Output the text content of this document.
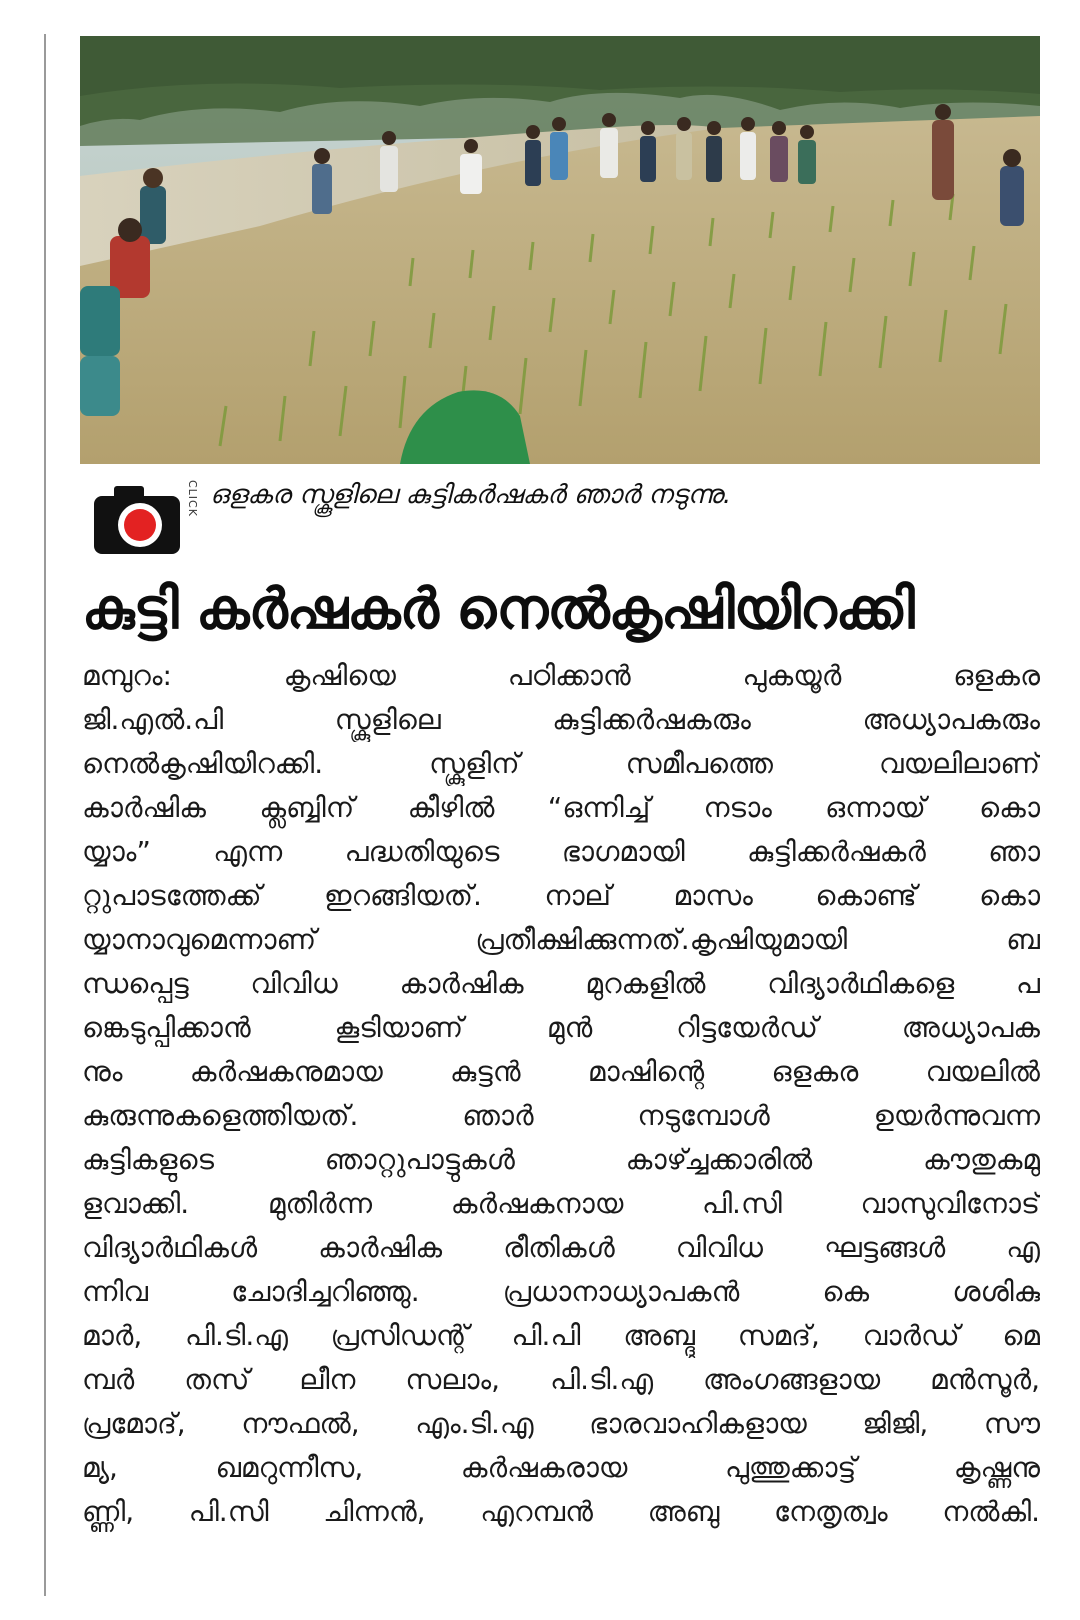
CLICK ഒളകര സ്കൂളിലെ കുട്ടികർഷകർ ഞാർ നടുന്നു.
കുട്ടി കർഷകർ നെൽകൃഷിയിറക്കി
മമ്പുറം: കൃഷിയെ പഠിക്കാൻ പുകയൂർ ഒളകര
ജി.എൽ.പി സ്കൂളിലെ കുട്ടിക്കർഷകരും അധ്യാപകരും
നെൽകൃഷിയിറക്കി. സ്കൂളിന് സമീപത്തെ വയലിലാണ്
കാർഷിക ക്ലബ്ബിന് കീഴിൽ “ഒന്നിച്ച് നടാം ഒന്നായ് കൊ
യ്യാം” എന്ന പദ്ധതിയുടെ ഭാഗമായി കുട്ടിക്കർഷകർ ഞാ
റ്റുപാടത്തേക്ക് ഇറങ്ങിയത്. നാല് മാസം കൊണ്ട് കൊ
യ്യാനാവുമെന്നാണ് പ്രതീക്ഷിക്കുന്നത്.കൃഷിയുമായി ബ
ന്ധപ്പെട്ട വിവിധ കാർഷിക മുറകളിൽ വിദ്യാർഥികളെ പ
ങ്കെടുപ്പിക്കാൻ കൂടിയാണ് മുൻ റിട്ടയേർഡ് അധ്യാപക
നും കർഷകനുമായ കുട്ടൻ മാഷിന്റെ ഒളകര വയലിൽ
കുരുന്നുകളെത്തിയത്. ഞാർ നടുമ്പോൾ ഉയർന്നുവന്ന
കുട്ടികളുടെ ഞാറ്റുപാട്ടുകൾ കാഴ്ച്ചക്കാരിൽ കൗതുകമു
ളവാക്കി. മുതിർന്ന കർഷകനായ പി.സി വാസുവിനോട്
വിദ്യാർഥികൾ കാർഷിക രീതികൾ വിവിധ ഘട്ടങ്ങൾ എ
ന്നിവ ചോദിച്ചറിഞ്ഞു. പ്രധാനാധ്യാപകൻ കെ ശശികു
മാർ, പി.ടി.എ പ്രസിഡന്റ് പി.പി അബ്ദു സമദ്, വാർഡ് മെ
മ്പർ തസ് ലീന സലാം, പി.ടി.എ അംഗങ്ങളായ മൻസൂർ,
പ്രമോദ്, നൗഫൽ, എം.ടി.എ ഭാരവാഹികളായ ജിജി, സൗ
മ്യ, ഖമറുന്നീസ, കർഷകരായ പുത്തുക്കാട്ട് കൃഷ്ണനു
ണ്ണി, പി.സി ചിന്നൻ, എറമ്പൻ അബു നേതൃത്വം നൽകി.
